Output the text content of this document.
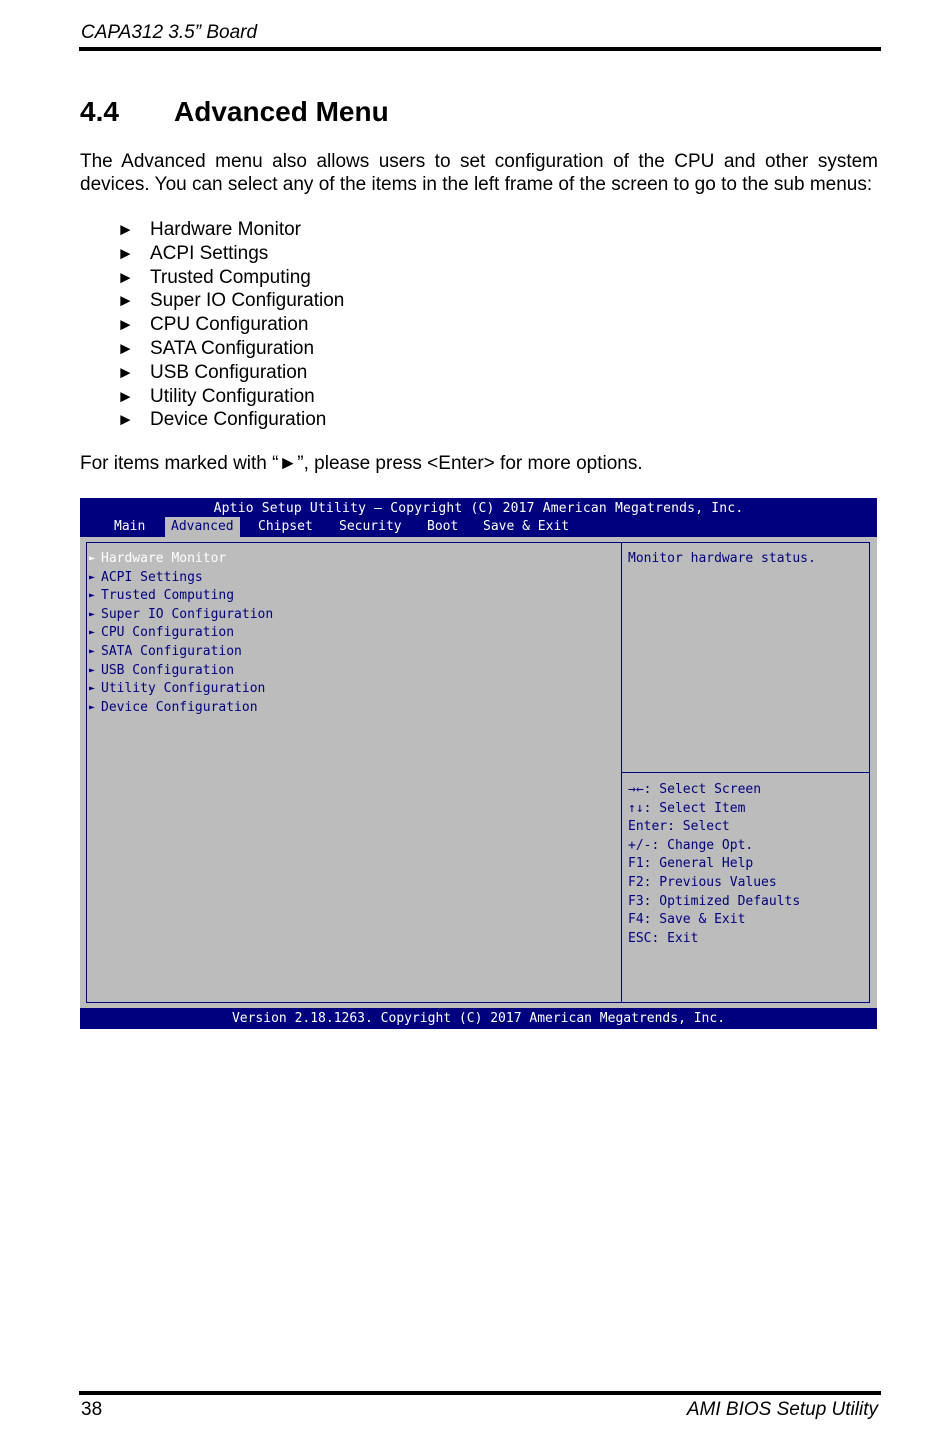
CAPA312 3.5” Board
4.4 Advanced Menu
The Advanced menu also allows users to set configuration of the CPU and other system devices. You can select any of the items in the left frame of the screen to go to the sub menus:
► Hardware Monitor
► ACPI Settings
► Trusted Computing
► Super IO Configuration
► CPU Configuration
► SATA Configuration
► USB Configuration
► Utility Configuration
► Device Configuration
For items marked with “►”, please press <Enter> for more options.
Aptio Setup Utility – Copyright (C) 2017 American Megatrends, Inc.
Main	Advanced	Chipset Security Boot Save & Exit
► Hardware Monitor
► ACPI Settings
► Trusted Computing
► Super IO Configuration
► CPU Configuration
► SATA Configuration
► USB Configuration
► Utility Configuration
► Device Configuration
Monitor hardware status.
→←: Select Screen
↑↓: Select Item
Enter: Select
+/-: Change Opt.
F1: General Help
F2: Previous Values
F3: Optimized Defaults
F4: Save & Exit
ESC: Exit
Version 2.18.1263. Copyright (C) 2017 American Megatrends, Inc.
38	AMI BIOS Setup Utility
